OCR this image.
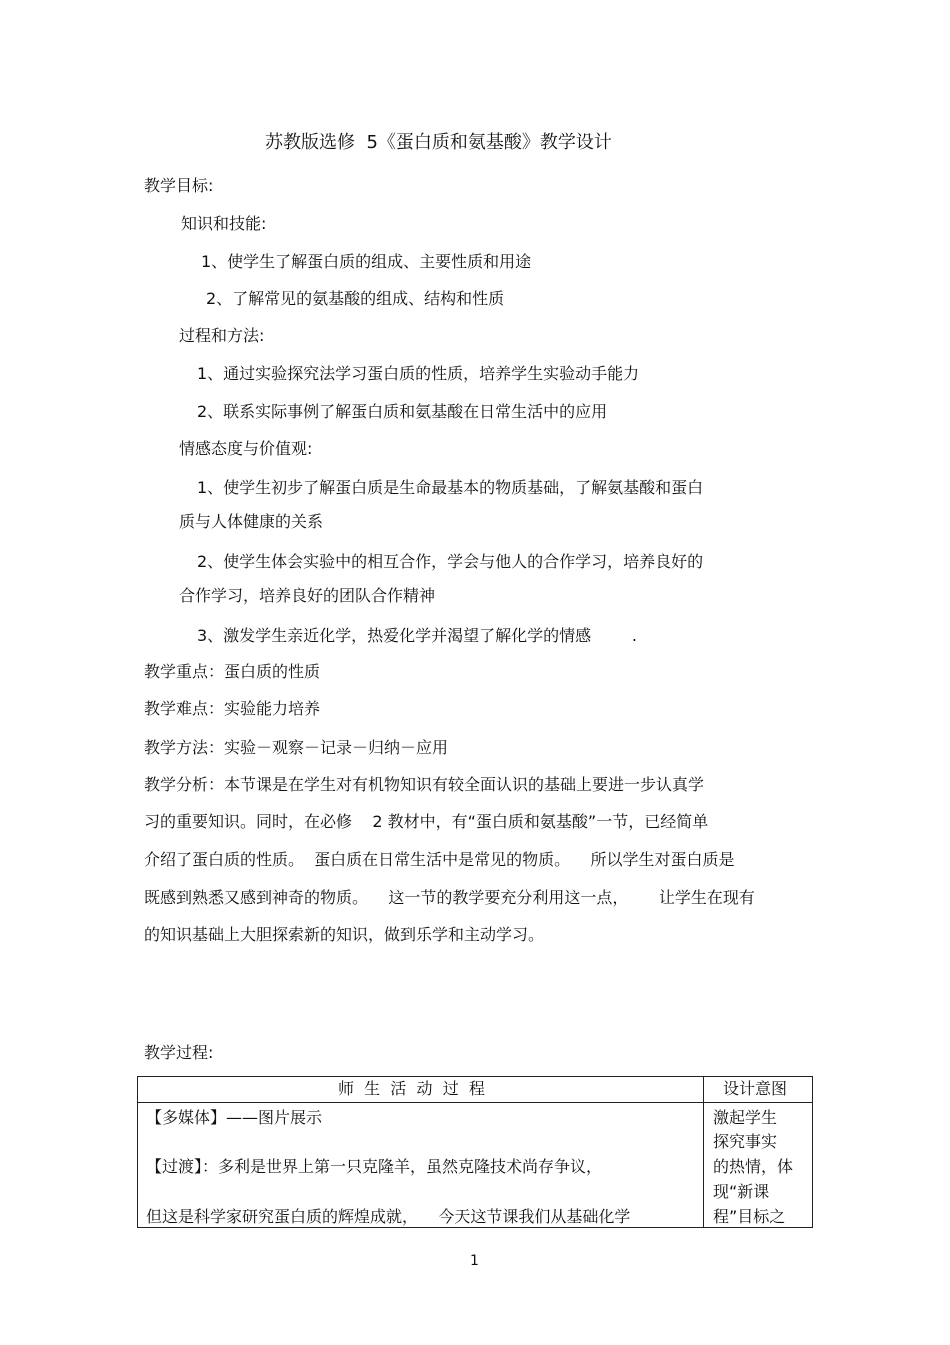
苏教版选修  5《蛋白质和氨基酸》教学设计
教学目标:
知识和技能:
1、使学生了解蛋白质的组成、主要性质和用途
2、了解常见的氨基酸的组成、结构和性质
过程和方法:
1、通过实验探究法学习蛋白质的性质，培养学生实验动手能力
2、联系实际事例了解蛋白质和氨基酸在日常生活中的应用
情感态度与价值观:
1、使学生初步了解蛋白质是生命最基本的物质基础，了解氨基酸和蛋白
质与人体健康的关系
2、使学生体会实验中的相互合作，学会与他人的合作学习，培养良好的
合作学习，培养良好的团队合作精神
3、激发学生亲近化学，热爱化学并渴望了解化学的情感        .
教学重点：蛋白质的性质
教学难点：实验能力培养
教学方法：实验－观察－记录－归纳－应用
教学分析：本节课是在学生对有机物知识有较全面认识的基础上要进一步认真学
习的重要知识。同时，在必修    2 教材中，有“蛋白质和氨基酸”一节，已经简单
介绍了蛋白质的性质。  蛋白质在日常生活中是常见的物质。    所以学生对蛋白质是
既感到熟悉又感到神奇的物质。    这一节的教学要充分利用这一点，      让学生在现有
的知识基础上大胆探索新的知识，做到乐学和主动学习。
教学过程:
师  生  活  动  过  程	设计意图
【多媒体】——图片展示
【过渡】：多利是世界上第一只克隆羊，虽然克隆技术尚存争议，
但这是科学家研究蛋白质的辉煌成就，    今天这节课我们从基础化学
激起学生
探究事实
的热情，体
现“新课
程”目标之
1
